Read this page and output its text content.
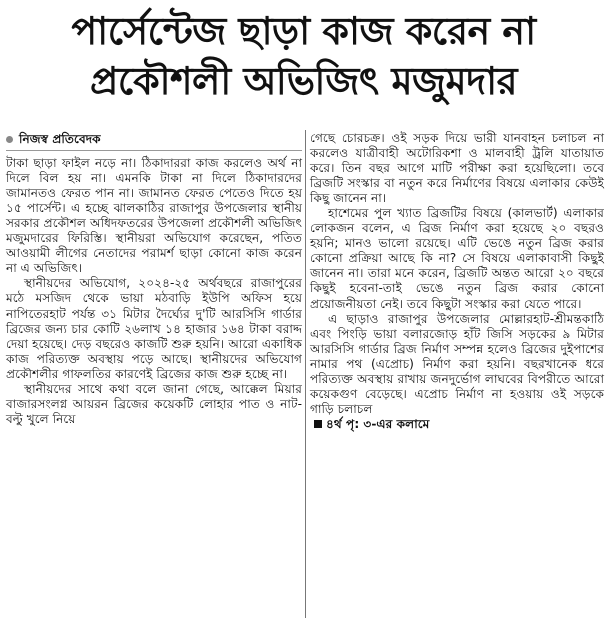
পার্সেন্টেজ ছাড়া কাজ করেন না
প্রকৌশলী অভিজিৎ মজুমদার
নিজস্ব প্রতিবেদক

টাকা ছাড়া ফাইল নড়ে না। ঠিকাদাররা কাজ করলেও অর্থ না দিলে বিল হয় না। এমনকি টাকা না দিলে ঠিকাদারদের জামানতও ফেরত পান না। জামানত ফেরত পেতেও দিতে হয় ১৫ পার্সেন্ট। এ হচ্ছে ঝালকাঠির রাজাপুর উপজেলার স্থানীয় সরকার প্রকৌশল অধিদফতরের উপজেলা প্রকৌশলী অভিজিৎ মজুমদারের ফিরিস্তি। স্থানীয়রা অভিযোগ করেছেন, পতিত আওয়ামী লীগের নেতাদের পরামর্শ ছাড়া কোনো কাজ করেন না এ অভিজিৎ।

স্থানীয়দের অভিযোগ, ২০২৪-২৫ অর্থবছরে রাজাপুরের মঠে মসজিদ থেকে ভায়া মঠবাড়ি ইউপি অফিস হয়ে নাপিতেরহাট পর্যন্ত ৩১ মিটার দৈর্ঘ্যের দু'টি আরসিসি গার্ডার ব্রিজের জন্য চার কোটি ২৬লাখ ১৪ হাজার ১৬৪ টাকা বরাদ্দ দেয়া হয়েছে। দেড় বছরেও কাজটি শুরু হয়নি। আরো একাধিক কাজ পরিত্যক্ত অবস্থায় পড়ে আছে। স্থানীয়দের অভিযোগ প্রকৌশলীর গাফলতির কারণেই ব্রিজের কাজ শুরু হচ্ছে না।

স্থানীয়দের সাথে কথা বলে জানা গেছে, আক্কেল মিয়ার বাজারসংলগ্ন আয়রন ব্রিজের কয়েকটি লোহার পাত ও নাট-বল্টু খুলে নিয়ে

গেছে চোরচক্র। ওই সড়ক দিয়ে ভারী যানবাহন চলাচল না করলেও যাত্রীবাহী অটোরিকশা ও মালবাহী ট্রলি যাতায়াত করে। তিন বছর আগে মাটি পরীক্ষা করা হয়েছিলো। তবে ব্রিজটি সংস্কার বা নতুন করে নির্মাণের বিষয়ে এলাকার কেউই কিছু জানেন না।

হাশেমের পুল খ্যাত ব্রিজটির বিষয়ে (কালভার্ট) এলাকার লোকজন বলেন, এ ব্রিজ নির্মাণ করা হয়েছে ২০ বছরও হয়নি; মানও ভালো রয়েছে। এটি ভেঙে নতুন ব্রিজ করার কোনো প্রক্রিয়া আছে কি না? সে বিষয়ে এলাকাবাসী কিছুই জানেন না। তারা মনে করেন, ব্রিজটি অন্তত আরো ২০ বছরে কিছুই হবেনা-তাই ভেঙে নতুন ব্রিজ করার কোনো প্রয়োজনীয়তা নেই। তবে কিছুটা সংস্কার করা যেতে পারে।

এ ছাড়াও রাজাপুর উপজেলার মোল্লারহাট-শ্রীমন্তকাঠি এবং পিংড়ি ভায়া বলারজোড় হাঁট জিসি সড়কের ৯ মিটার আরসিসি গার্ডার ব্রিজ নির্মাণ সম্পন্ন হলেও ব্রিজের দুইপাশের নামার পথ (এপ্রোচ) নির্মাণ করা হয়নি। বছরখানেক ধরে পরিত্যক্ত অবস্থায় রাখায় জনদুর্ভোগ লাঘবের বিপরীতে আরো কয়েকগুণ বেড়েছে। এপ্রোচ নির্মাণ না হওয়ায় ওই সড়কে গাড়ি চলাচল

৪র্থ পৃ: ৩-এর কলামে
